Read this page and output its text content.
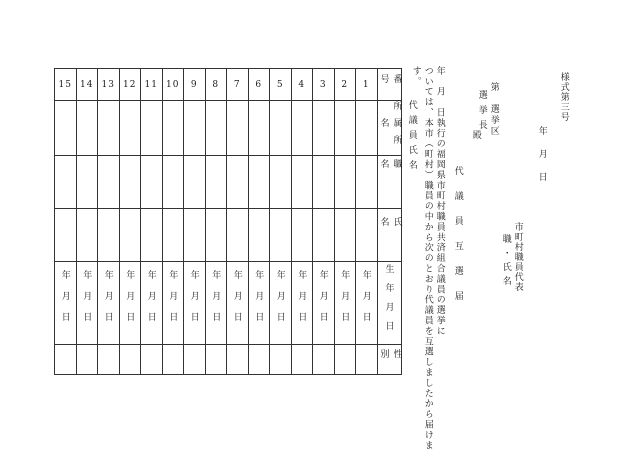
様式第三号
年月日
市町村職員代表
職・氏名
第　選挙区
選挙長
殿
代議員互選届
年　月　日執行の福岡県市町村職員共済組合議員の選挙に
ついては、本市（町村）職員の中から次のとおり代議員を互選しましたから届けま
す。
代議員氏名
15	14	13	12	11	10	9	8	7	6	5	4	3	2	1	番号
															所属所名
															職名
															氏名
年月日	年月日	年月日	年月日	年月日	年月日	年月日	年月日	年月日	年月日	年月日	年月日	年月日	年月日	年月日	生年月日
															性別
